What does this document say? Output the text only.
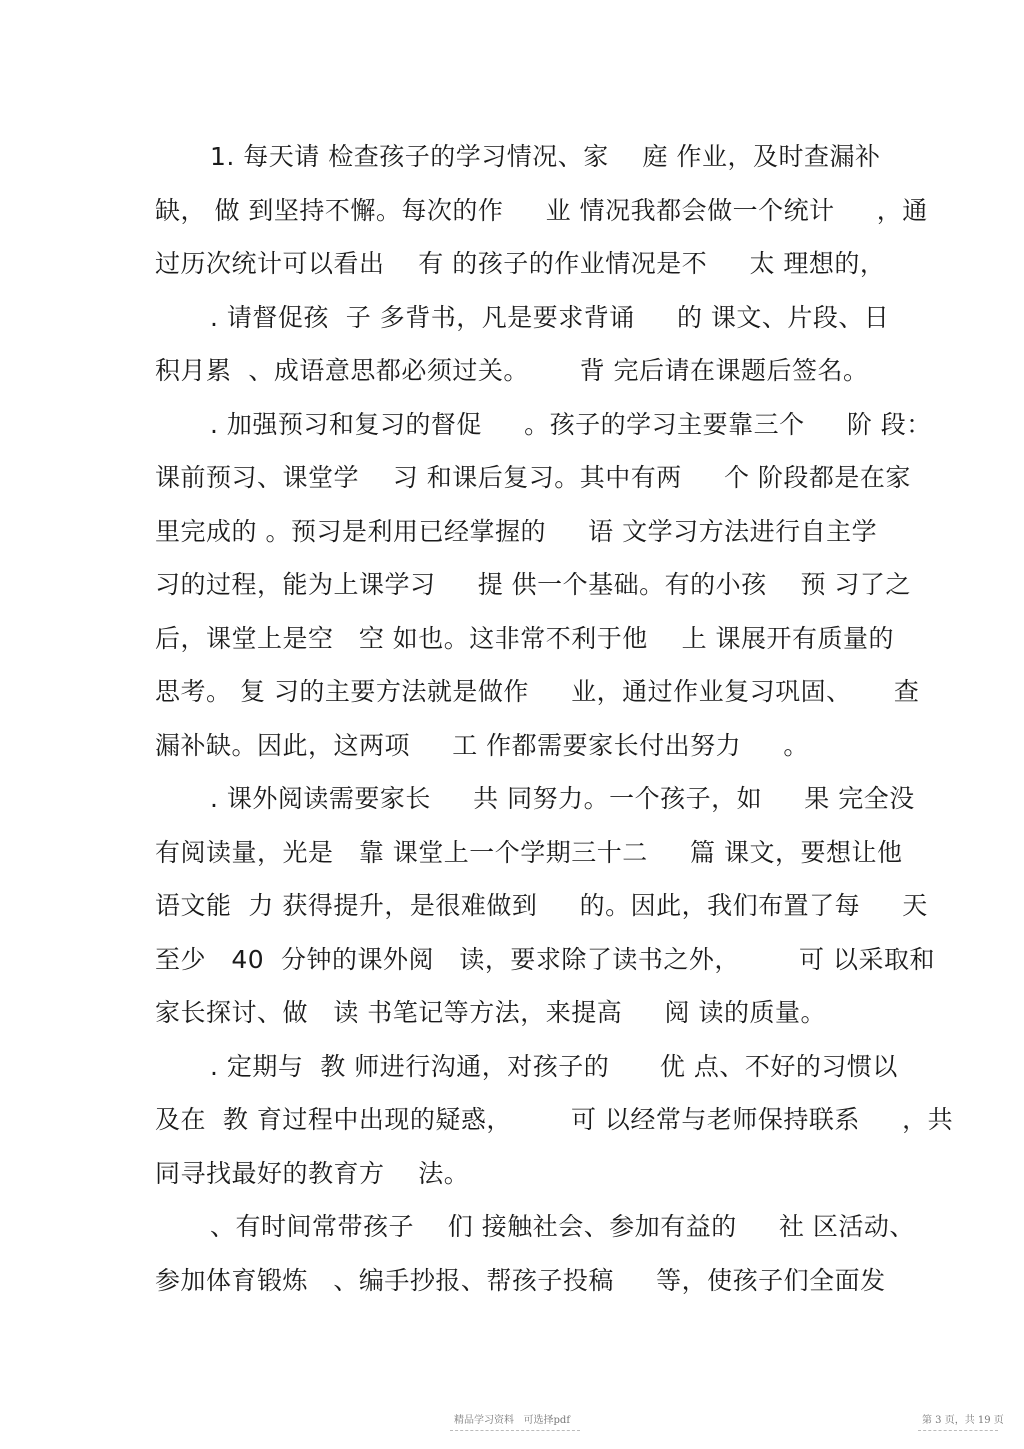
1. 每天请 检查孩子的学习情况、家    庭 作业，及时查漏补
缺， 做 到坚持不懈。每次的作     业 情况我都会做一个统计     ，通
过历次统计可以看出    有 的孩子的作业情况是不     太 理想的，
. 请督促孩  子 多背书，凡是要求背诵     的 课文、片段、日
积月累  、成语意思都必须过关。      背 完后请在课题后签名。
. 加强预习和复习的督促     。孩子的学习主要靠三个     阶 段：
课前预习、课堂学    习 和课后复习。其中有两     个 阶段都是在家
里完成的 。预习是利用已经掌握的     语 文学习方法进行自主学
习的过程，能为上课学习     提 供一个基础。有的小孩    预 习了之
后，课堂上是空   空 如也。这非常不利于他    上 课展开有质量的
思考。 复 习的主要方法就是做作     业，通过作业复习巩固、     查
漏补缺。因此，这两项     工 作都需要家长付出努力     。
. 课外阅读需要家长     共 同努力。一个孩子，如     果 完全没
有阅读量，光是   靠 课堂上一个学期三十二     篇 课文，要想让他
语文能  力 获得提升，是很难做到     的。因此，我们布置了每     天
至少   40  分钟的课外阅   读，要求除了读书之外，       可 以采取和
家长探讨、做   读 书笔记等方法，来提高     阅 读的质量。
. 定期与  教 师进行沟通，对孩子的      优 点、不好的习惯以
及在  教 育过程中出现的疑惑，       可 以经常与老师保持联系     ，共
同寻找最好的教育方    法。
、有时间常带孩子    们 接触社会、参加有益的     社 区活动、
参加体育锻炼   、编手抄报、帮孩子投稿     等，使孩子们全面发
精品学习资料   可选择pdf	第 3 页，共 19 页
